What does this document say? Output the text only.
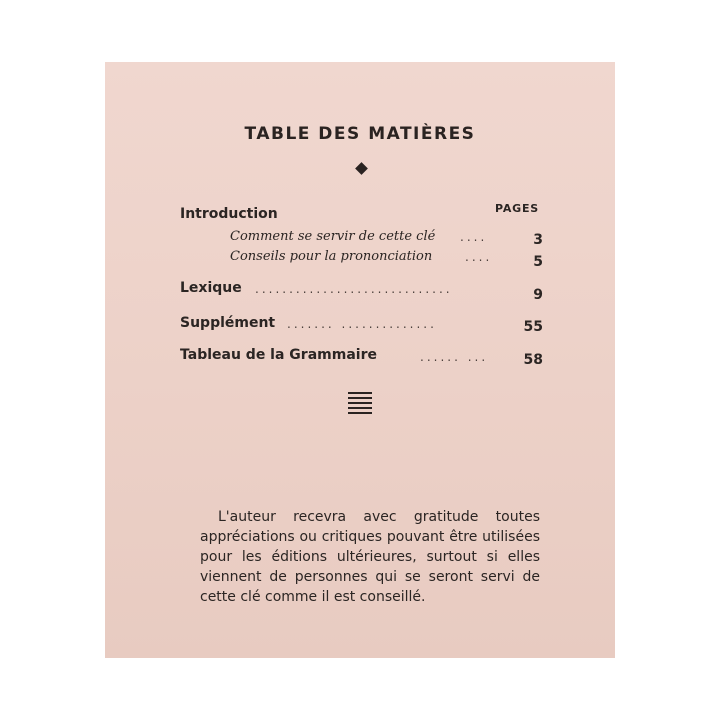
TABLE DES MATIÈRES
PAGES
Introduction
Comment se servir de cette clé ....	3
Conseils pour la prononciation	....	5
Lexique .............................	9
Supplément ....... ..............	55
Tableau de la Grammaire	...... ...	58
L'auteur recevra avec gratitude toutes appréciations ou critiques pouvant être utilisées pour les éditions ultérieures, surtout si elles viennent de personnes qui se seront servi de cette clé comme il est conseillé.
